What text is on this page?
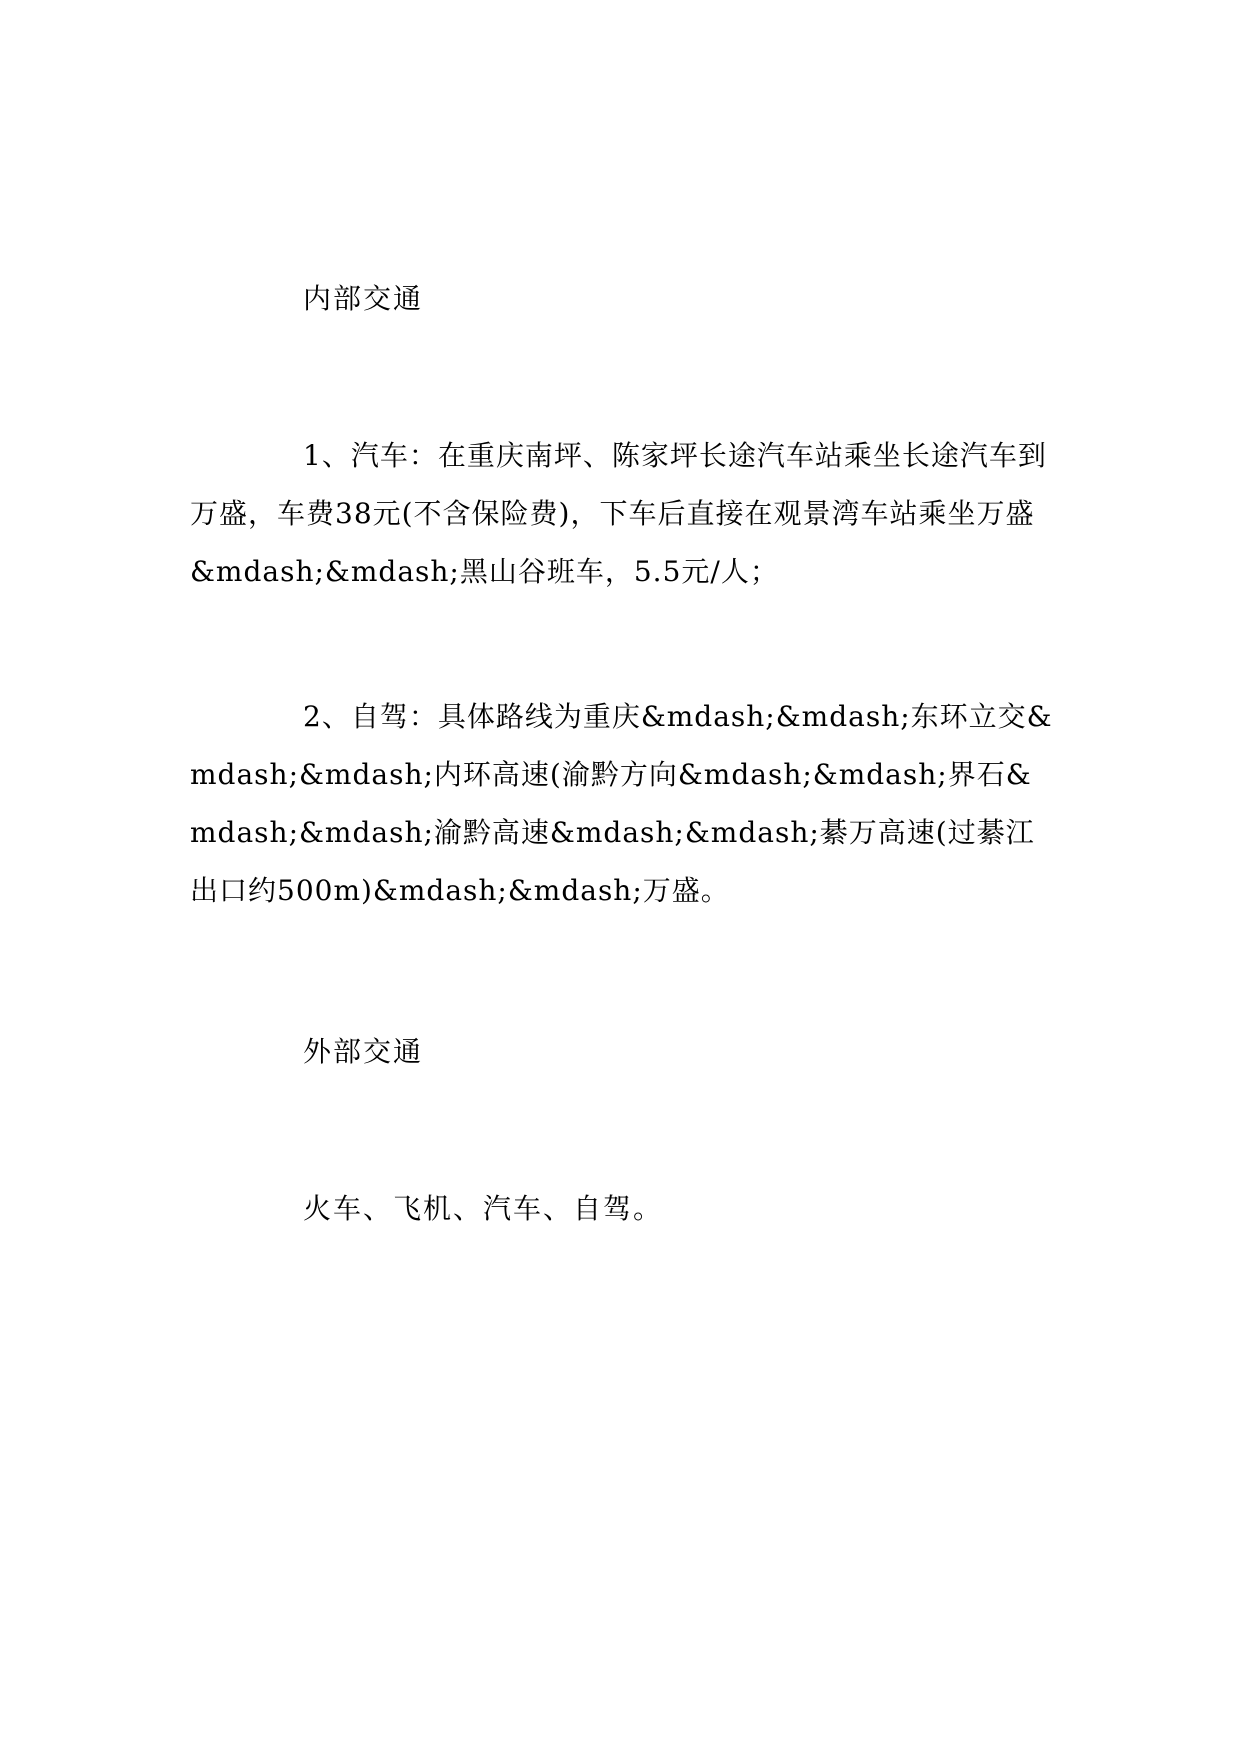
内部交通

1、汽车：在重庆南坪、陈家坪长途汽车站乘坐长途汽车到万盛，车费38元(不含保险费)，下车后直接在观景湾车站乘坐万盛&mdash;&mdash;黑山谷班车，5.5元/人；

2、自驾：具体路线为重庆&mdash;&mdash;东环立交&mdash;&mdash;内环高速(渝黔方向&mdash;&mdash;界石&mdash;&mdash;渝黔高速&mdash;&mdash;綦万高速(过綦江出口约500m)&mdash;&mdash;万盛。

外部交通

火车、飞机、汽车、自驾。
